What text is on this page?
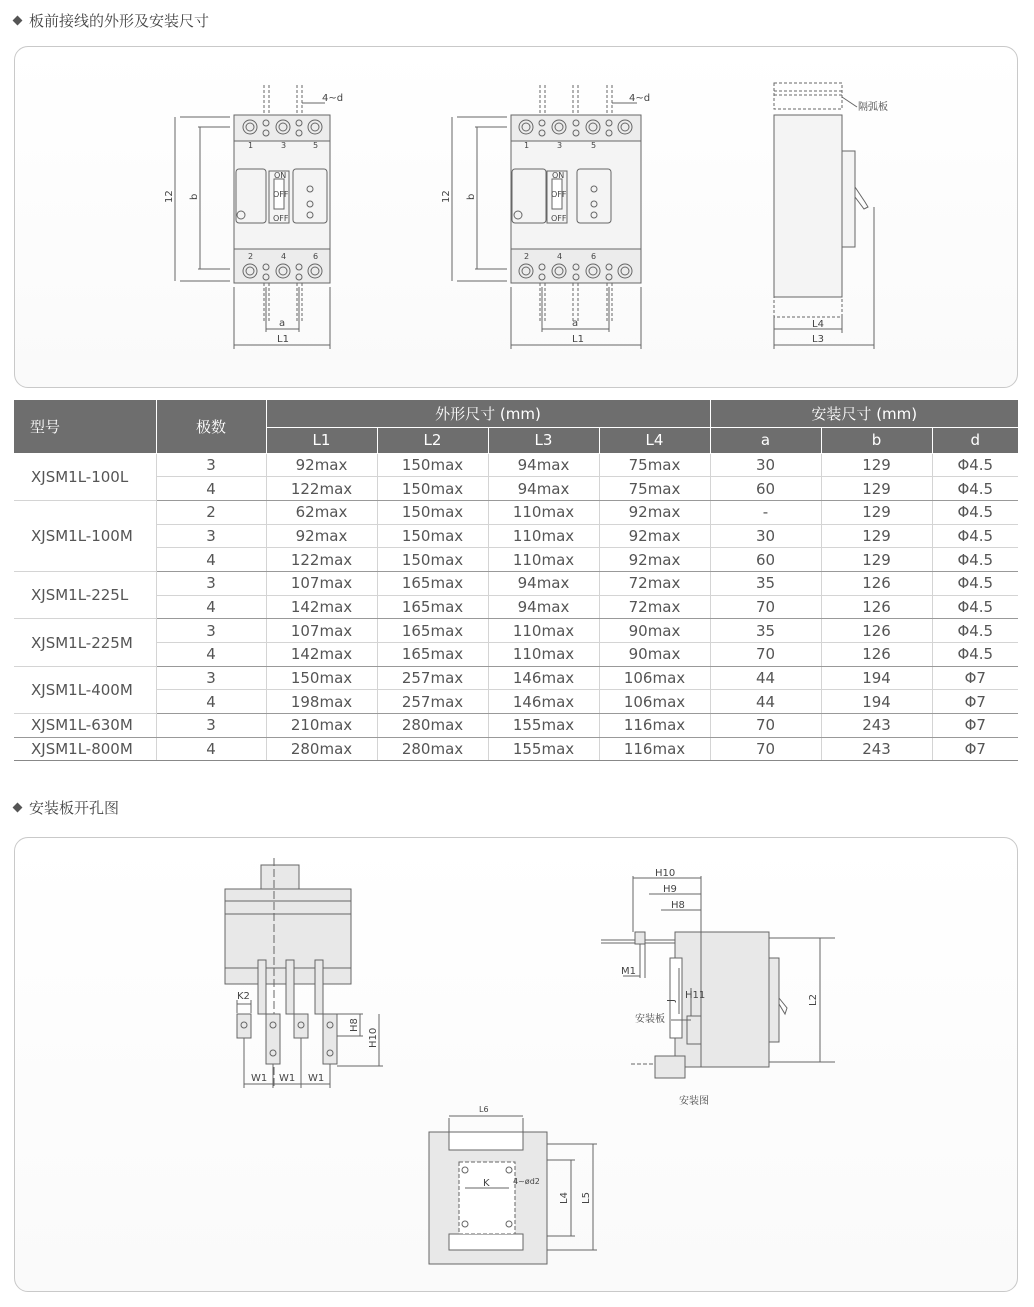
板前接线的外形及安装尺寸
4~d
12 b
a
L1
ON
OFF
OFF
1	3	5
2	4	6
4~d
12 b
a
L1
ON
OFF
OFF
1	3	5
2	4	6
隔弧板
L4
L3
型号	极数	外形尺寸 (mm)				安装尺寸 (mm)		
		L1	L2	L3	L4	a	b	d
XJSM1L-100L	3	92max	150max	94max	75max	30	129	Φ4.5
	4	122max	150max	94max	75max	60	129	Φ4.5
XJSM1L-100M	2	62max	150max	110max	92max	-	129	Φ4.5
	3	92max	150max	110max	92max	30	129	Φ4.5
	4	122max	150max	110max	92max	60	129	Φ4.5
XJSM1L-225L	3	107max	165max	94max	72max	35	126	Φ4.5
	4	142max	165max	94max	72max	70	126	Φ4.5
XJSM1L-225M	3	107max	165max	110max	90max	35	126	Φ4.5
	4	142max	165max	110max	90max	70	126	Φ4.5
XJSM1L-400M	3	150max	257max	146max	106max	44	194	Φ7
	4	198max	257max	146max	106max	44	194	Φ7
XJSM1L-630M	3	210max	280max	155max	116max	70	243	Φ7
XJSM1L-800M	4	280max	280max	155max	116max	70	243	Φ7
安装板开孔图
K2
H8
H10
W1 W1 W1
H10
H9
H8
M1
J H11
安装板
L2
安装图
L6
K	4~ød2
L4 L5
